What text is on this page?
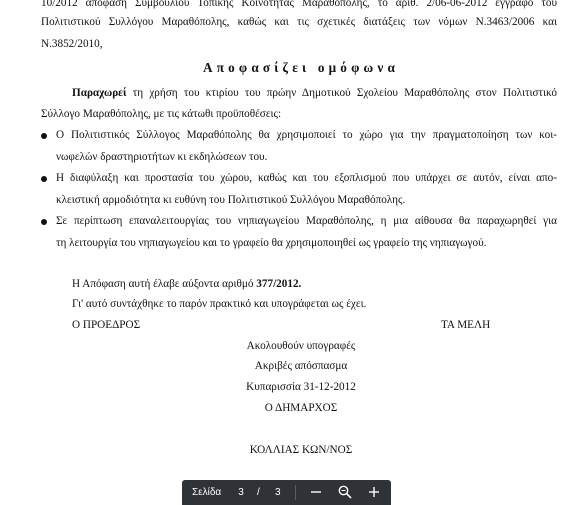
10/2012 απόφαση Συμβουλίου Τοπικής Κοινότητας Μαραθόπολης, το αριθ. 2/06-06-2012 έγγραφο του
Πολιτιστικού Συλλόγου Μαραθόπολης, καθώς και τις σχετικές διατάξεις των νόμων Ν.3463/2006 και
Ν.3852/2010,
Αποφασίζει ομόφωνα
Παραχωρεί τη χρήση του κτιρίου του πρώην Δημοτικού Σχολείου Μαραθόπολης στον Πολιτιστικό
Σύλλογο Μαραθόπολης, με τις κάτωθι προϋποθέσεις:
Ο Πολιτιστικός Σύλλογος Μαραθόπολης θα χρησιμοποιεί το χώρο για την πραγματοποίηση των κοι-
νωφελών δραστηριοτήτων κι εκδηλώσεων του.
Η διαφύλαξη και προστασία του χώρου, καθώς και του εξοπλισμού που υπάρχει σε αυτόν, είναι απο-
κλειστική αρμοδιότητα κι ευθύνη του Πολιτιστικού Συλλόγου Μαραθόπολης.
Σε περίπτωση επαναλειτουργίας του νηπιαγωγείου Μαραθόπολης, η μια αίθουσα θα παραχωρηθεί για
τη λειτουργία του νηπιαγωγείου και το γραφείο θα χρησιμοποιηθεί ως γραφείο της νηπιαγωγού.
Η Απόφαση αυτή έλαβε αύξοντα αριθμό 377/2012.
Γι' αυτό συντάχθηκε το παρόν πρακτικό και υπογράφεται ως έχει.
Ο ΠΡΟΕΔΡΟΣ	ΤΑ ΜΕΛΗ
Ακολουθούν υπογραφές
Ακριβές απόσπασμα
Κυπαρισσία 31-12-2012
Ο ΔΗΜΑΡΧΟΣ
ΚΟΛΛΙΑΣ ΚΩΝ/ΝΟΣ
Σελίδα 3 / 3
